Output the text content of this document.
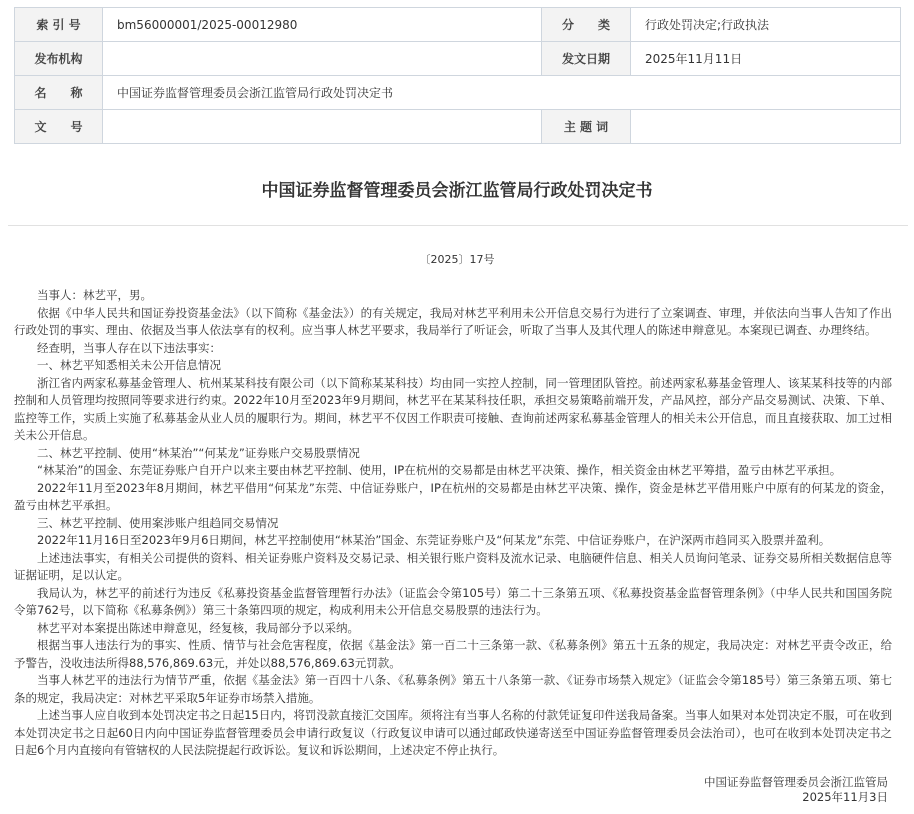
索 引 号	bm56000001/2025-00012980	分　　类	行政处罚决定;行政执法
发布机构		发文日期	2025年11月11日
名　　称	中国证券监督管理委员会浙江监管局行政处罚决定书		
文　　号		主 题 词	
中国证券监督管理委员会浙江监管局行政处罚决定书
〔2025〕17号

当事人：林艺平，男。

依据《中华人民共和国证券投资基金法》（以下简称《基金法》）的有关规定，我局对林艺平利用未公开信息交易行为进行了立案调查、审理，并依法向当事人告知了作出行政处罚的事实、理由、依据及当事人依法享有的权利。应当事人林艺平要求，我局举行了听证会，听取了当事人及其代理人的陈述申辩意见。本案现已调查、办理终结。

经查明，当事人存在以下违法事实：

一、林艺平知悉相关未公开信息情况

浙江省内两家私募基金管理人、杭州某某科技有限公司（以下简称某某科技）均由同一实控人控制，同一管理团队管控。前述两家私募基金管理人、该某某科技等的内部控制和人员管理均按照同等要求进行约束。2022年10月至2023年9月期间，林艺平在某某科技任职，承担交易策略前端开发，产品风控，部分产品交易测试、决策、下单、监控等工作，实质上实施了私募基金从业人员的履职行为。期间，林艺平不仅因工作职责可接触、查询前述两家私募基金管理人的相关未公开信息，而且直接获取、加工过相关未公开信息。

二、林艺平控制、使用“林某治”“何某龙”证券账户交易股票情况

“林某治”的国金、东莞证券账户自开户以来主要由林艺平控制、使用，IP在杭州的交易都是由林艺平决策、操作，相关资金由林艺平筹措，盈亏由林艺平承担。

2022年11月至2023年8月期间，林艺平借用“何某龙”东莞、中信证券账户，IP在杭州的交易都是由林艺平决策、操作，资金是林艺平借用账户中原有的何某龙的资金，盈亏由林艺平承担。

三、林艺平控制、使用案涉账户组趋同交易情况

2022年11月16日至2023年9月6日期间，林艺平控制使用“林某治”国金、东莞证券账户及“何某龙”东莞、中信证券账户，在沪深两市趋同买入股票并盈利。

上述违法事实，有相关公司提供的资料、相关证券账户资料及交易记录、相关银行账户资料及流水记录、电脑硬件信息、相关人员询问笔录、证券交易所相关数据信息等证据证明，足以认定。

我局认为，林艺平的前述行为违反《私募投资基金监督管理暂行办法》（证监会令第105号）第二十三条第五项、《私募投资基金监督管理条例》（中华人民共和国国务院令第762号，以下简称《私募条例》）第三十条第四项的规定，构成利用未公开信息交易股票的违法行为。

林艺平对本案提出陈述申辩意见，经复核，我局部分予以采纳。

根据当事人违法行为的事实、性质、情节与社会危害程度，依据《基金法》第一百二十三条第一款、《私募条例》第五十五条的规定，我局决定：对林艺平责令改正，给予警告，没收违法所得88,576,869.63元，并处以88,576,869.63元罚款。

当事人林艺平的违法行为情节严重，依据《基金法》第一百四十八条、《私募条例》第五十八条第一款、《证券市场禁入规定》（证监会令第185号）第三条第五项、第七条的规定，我局决定：对林艺平采取5年证券市场禁入措施。

上述当事人应自收到本处罚决定书之日起15日内，将罚没款直接汇交国库。须将注有当事人名称的付款凭证复印件送我局备案。当事人如果对本处罚决定不服，可在收到本处罚决定书之日起60日内向中国证券监督管理委员会申请行政复议（行政复议申请可以通过邮政快递寄送至中国证券监督管理委员会法治司），也可在收到本处罚决定书之日起6个月内直接向有管辖权的人民法院提起行政诉讼。复议和诉讼期间，上述决定不停止执行。

中国证券监督管理委员会浙江监管局
2025年11月3日
